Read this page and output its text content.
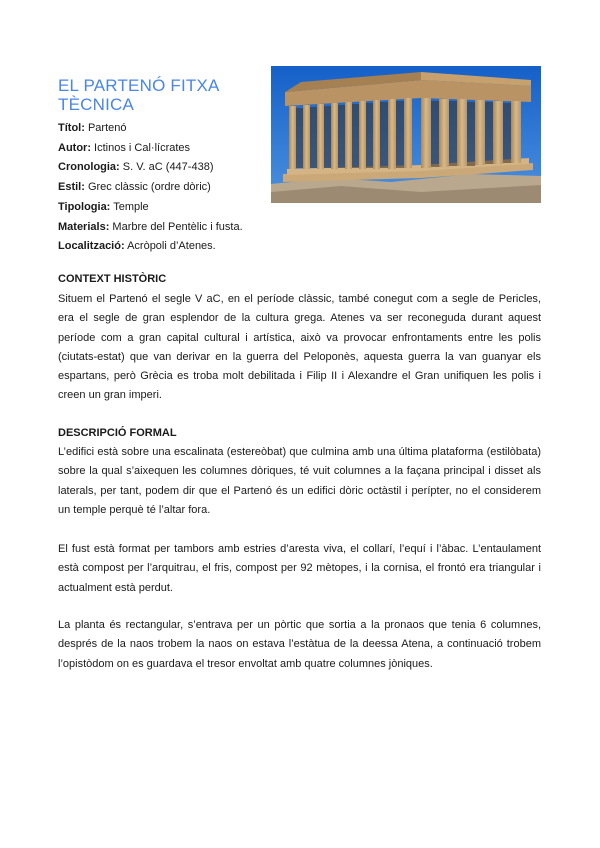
EL PARTENÓ FITXA TÈCNICA
Títol: Partenó
Autor: Ictinos i Cal·lícrates
Cronologia: S. V. aC (447-438)
Estil: Grec clàssic (ordre dòric)
Tipologia: Temple
Materials: Marbre del Pentèlic i fusta.
Localització: Acròpoli d’Atenes.
CONTEXT HISTÒRIC

Situem el Partenó el segle V aC, en el període clàssic, també conegut com a segle de Pericles, era el segle de gran esplendor de la cultura grega. Atenes va ser reconeguda durant aquest període com a gran capital cultural i artística, això va provocar enfrontaments entre les polis (ciutats-estat) que van derivar en la guerra del Peloponès, aquesta guerra la van guanyar els espartans, però Grècia es troba molt debilitada i Filip II i Alexandre el Gran unifiquen les polis i creen un gran imperi.

DESCRIPCIÓ FORMAL

L’edifici està sobre una escalinata (estereòbat) que culmina amb una última plataforma (estilòbata) sobre la qual s’aixequen les columnes dòriques, té vuit columnes a la façana principal i disset als laterals, per tant, podem dir que el Partenó és un edifici dòric octàstil i perípter, no el considerem un temple perquè té l’altar fora.

El fust està format per tambors amb estries d’aresta viva, el collarí, l’equí i l’àbac. L’entaulament està compost per l’arquitrau, el fris, compost per 92 mètopes, i la cornisa, el frontó era triangular i actualment està perdut.

La planta és rectangular, s’entrava per un pòrtic que sortia a la pronaos que tenia 6 columnes, després de la naos trobem la naos on estava l’estàtua de la deessa Atena, a continuació trobem l’opistòdom on es guardava el tresor envoltat amb quatre columnes jòniques.
